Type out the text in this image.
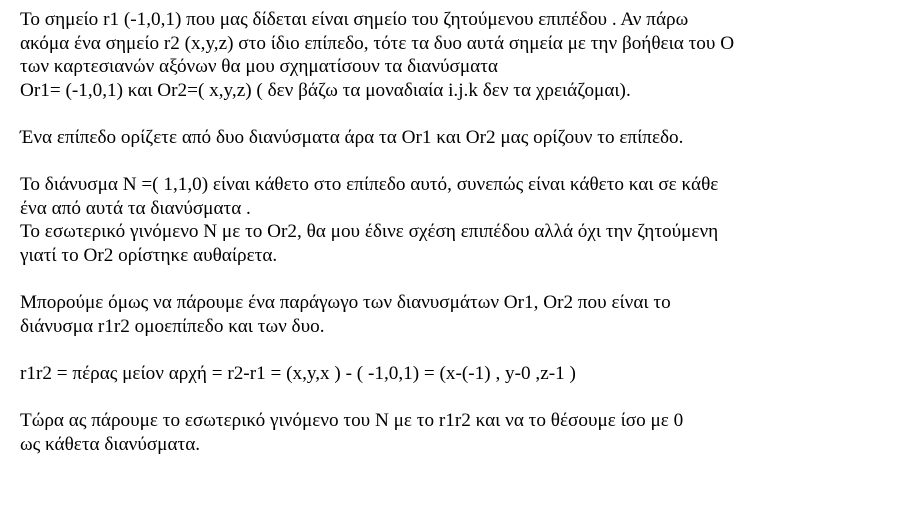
Το σημείο r1 (-1,0,1) που μας δίδεται είναι σημείο του ζητούμενου επιπέδου . Αν πάρω
ακόμα ένα σημείο r2 (x,y,z) στο ίδιο επίπεδο, τότε τα δυο αυτά σημεία με την βοήθεια του Ο
των καρτεσιανών αξόνων θα μου σχηματίσουν τα διανύσματα
Or1= (-1,0,1) και Or2=( x,y,z) ( δεν βάζω τα μοναδιαία i.j.k δεν τα χρειάζομαι).
Ένα επίπεδο ορίζετε από δυο διανύσματα άρα τα Or1 και Or2 μας ορίζουν το επίπεδο.
Το διάνυσμα N =( 1,1,0) είναι κάθετο στο επίπεδο αυτό, συνεπώς είναι κάθετο και σε κάθε
ένα από αυτά τα διανύσματα .
Το εσωτερικό γινόμενο N με το Or2, θα μου έδινε σχέση επιπέδου αλλά όχι την ζητούμενη
γιατί το Or2 ορίστηκε αυθαίρετα.
Μπορούμε όμως να πάρουμε ένα παράγωγο των διανυσμάτων Or1, Or2 που είναι το
διάνυσμα r1r2 ομοεπίπεδο και των δυο.
r1r2 = πέρας μείον αρχή = r2-r1 = (x,y,x ) - ( -1,0,1) = (x-(-1) , y-0 ,z-1 )
Τώρα ας πάρουμε το εσωτερικό γινόμενο του N με το r1r2 και να το θέσουμε ίσο με 0
ως κάθετα διανύσματα.
